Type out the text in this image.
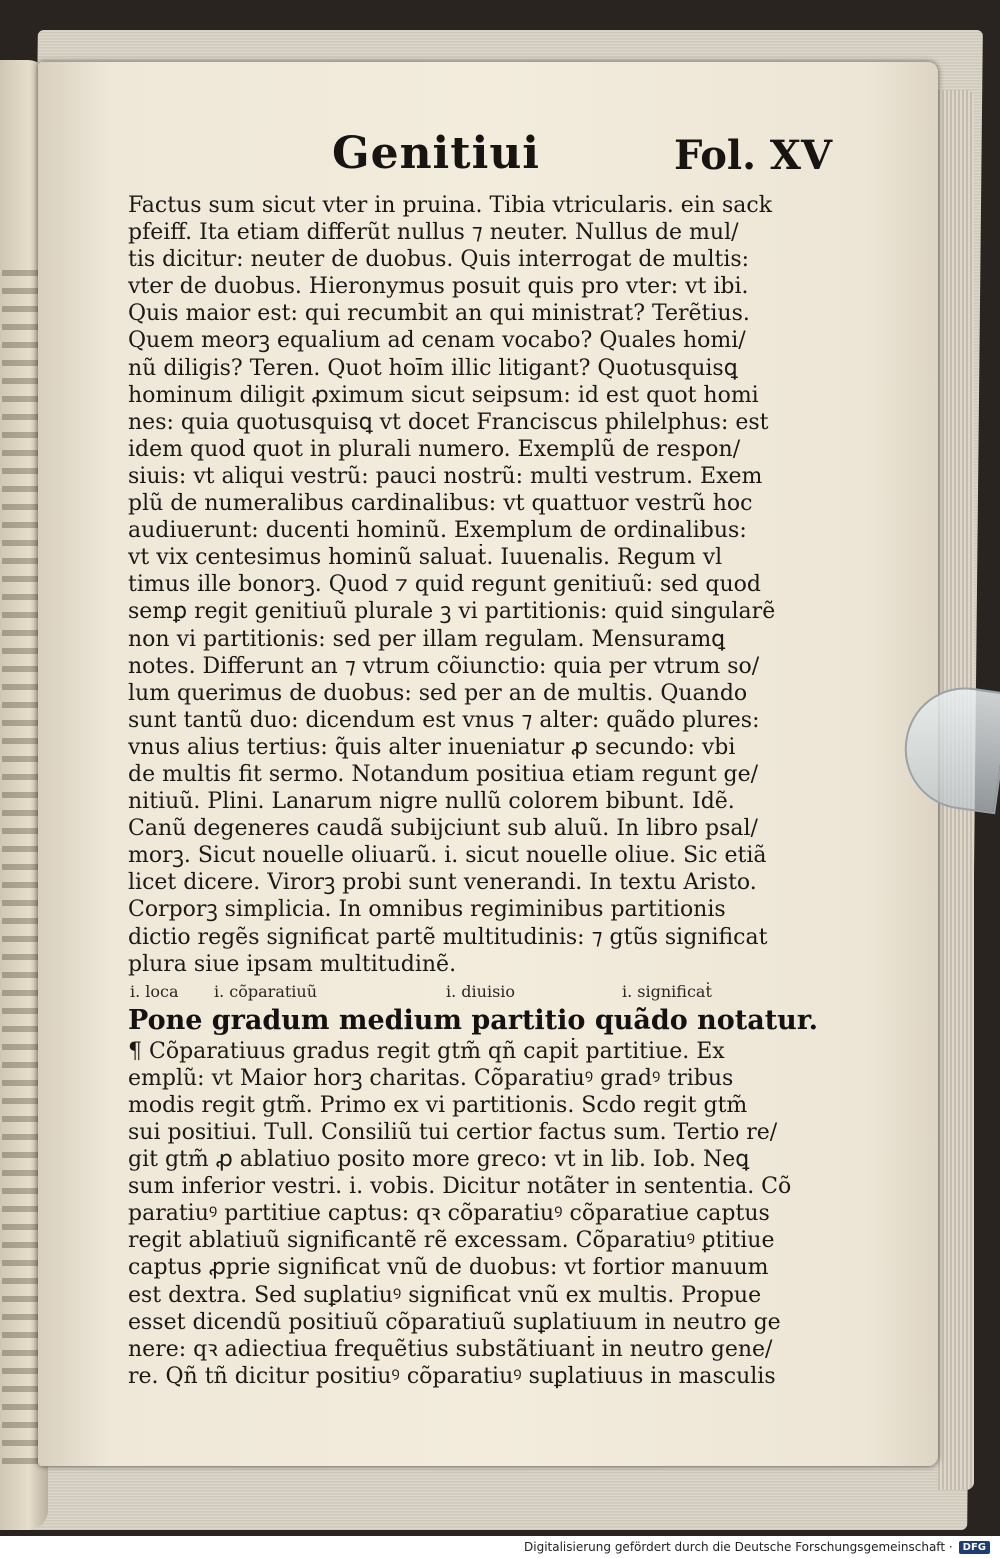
Genitiui	Fol. XV
Factus sum sicut vter in pruina. Tibia vtricularis. ein sack
pfeiff. Ita etiam differũt nullus ⁊ neuter. Nullus de mul/
tis dicitur: neuter de duobus. Quis interrogat de multis:
vter de duobus. Hieronymus posuit quis pro vter: vt ibi.
Quis maior est: qui recumbit an qui ministrat? Terẽtius.
Quem meorꝫ equalium ad cenam vocabo? Quales homi/
nũ diligis? Teren. Quot hoīm illic litigant? Quotusquisꝗ
hominum diligit ꝓximum sicut seipsum: id est quot homi
nes: quia quotusquisꝗ vt docet Franciscus philelphus: est
idem quod quot in plurali numero. Exemplũ de respon/
siuis: vt aliqui vestrũ: pauci nostrũ: multi vestrum. Exem
plũ de numeralibus cardinalibus: vt quattuor vestrũ hoc
audiuerunt: ducenti hominũ. Exemplum de ordinalibus:
vt vix centesimus hominũ saluaṫ. Iuuenalis. Regum vl
timus ille bonorꝫ. Quod ⁊ quid regunt genitiuũ: sed quod
semꝑ regit genitiuũ plurale ꝫ vi partitionis: quid singularẽ
non vi partitionis: sed per illam regulam. Mensuramꝗ
notes. Differunt an ⁊ vtrum cõiunctio: quia per vtrum so/
lum querimus de duobus: sed per an de multis. Quando
sunt tantũ duo: dicendum est vnus ⁊ alter: quãdo plures:
vnus alius tertius: q̃uis alter inueniatur ꝓ secundo: vbi
de multis fit sermo. Notandum positiua etiam regunt ge/
nitiuũ. Plini. Lanarum nigre nullũ colorem bibunt. Idẽ.
Canũ degeneres caudã subijciunt sub aluũ. In libro psal/
morꝫ. Sicut nouelle oliuarũ. i. sicut nouelle oliue. Sic etiã
licet dicere. Virorꝫ probi sunt venerandi. In textu Aristo.
Corporꝫ simplicia. In omnibus regiminibus partitionis
dictio regẽs significat partẽ multitudinis: ⁊ gtũs significat
plura siue ipsam multitudinẽ.
i. loca i. cõparatiuũ	i. diuisio	i. significaṫ
Pone gradum medium partitio quãdo notatur.
¶ Cõparatiuus gradus regit gtm̃ qñ capiṫ partitiue. Ex
emplũ: vt Maior horꝫ charitas. Cõparatiuꝰ gradꝰ tribus
modis regit gtm̃. Primo ex vi partitionis. Scdo regit gtm̃
sui positiui. Tull. Consiliũ tui certior factus sum. Tertio re/
git gtm̃ ꝓ ablatiuo posito more greco: vt in lib. Iob. Neꝗ
sum inferior vestri. i. vobis. Dicitur notãter in sententia. Cõ
paratiuꝰ partitiue captus: qꝛ cõparatiuꝰ cõparatiue captus
regit ablatiuũ significantẽ rẽ excessam. Cõparatiuꝰ ꝑtitiue
captus ꝓprie significat vnũ de duobus: vt fortior manuum
est dextra. Sed suꝑlatiuꝰ significat vnũ ex multis. Propue
esset dicendũ positiuũ cõparatiuũ suꝑlatiuum in neutro ge
nere: qꝛ adiectiua frequẽtius substãtiuanṫ in neutro gene/
re. Qñ tñ dicitur positiuꝰ cõparatiuꝰ suꝑlatiuus in masculis
Digitalisierung gefördert durch die Deutsche Forschungsgemeinschaft ·	DFG
